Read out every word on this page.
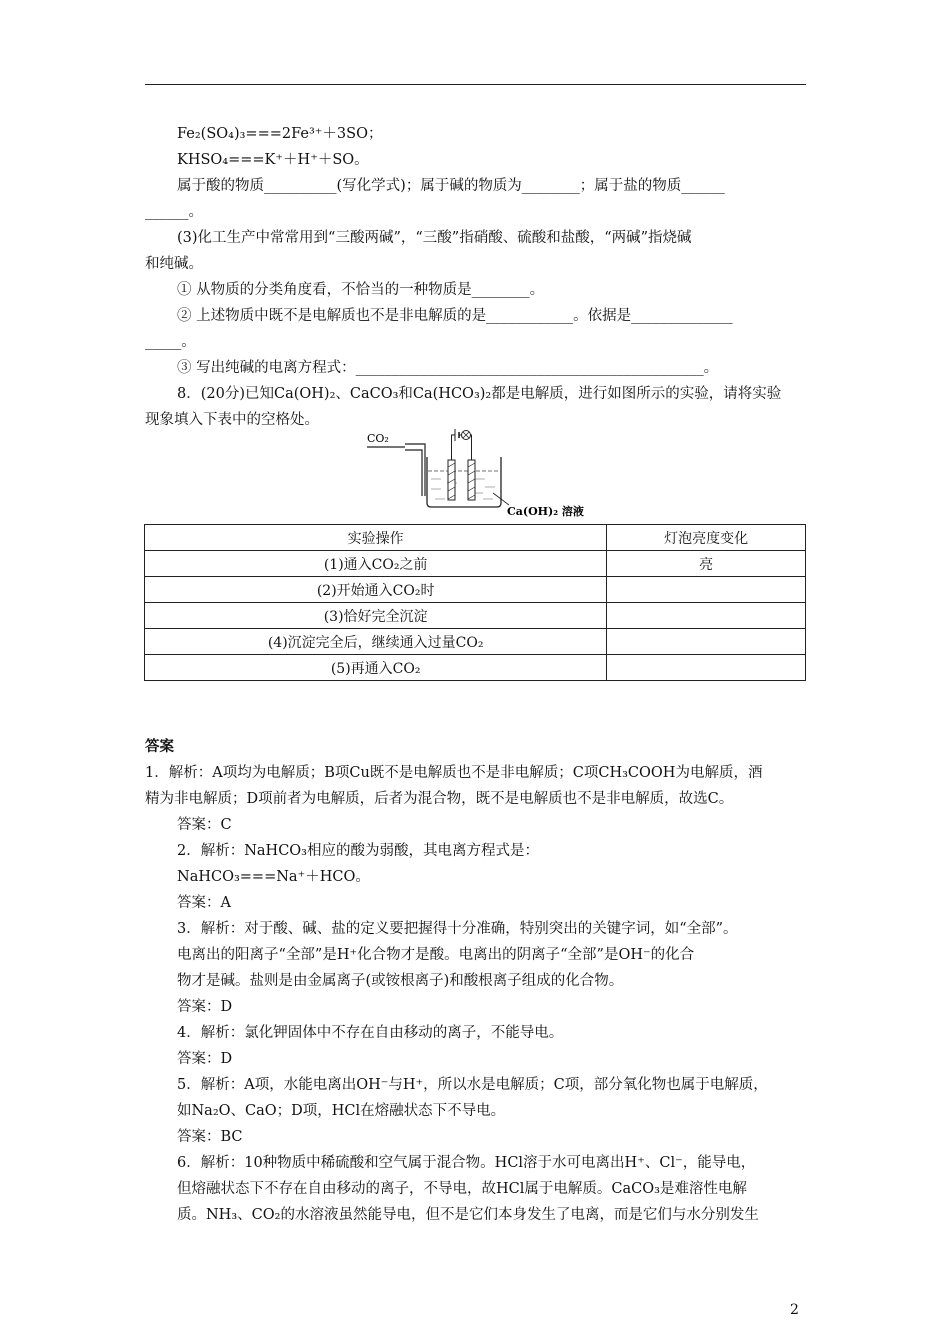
Fe₂(SO₄)₃===2Fe³⁺＋3SO；
KHSO₄===K⁺＋H⁺＋SO。
属于酸的物质__________(写化学式)；属于碱的物质为________；属于盐的物质______
______。
(3)化工生产中常常用到“三酸两碱”，“三酸”指硝酸、硫酸和盐酸，“两碱”指烧碱
和纯碱。
① 从物质的分类角度看，不恰当的一种物质是________。
② 上述物质中既不是电解质也不是非电解质的是____________。依据是______________
_____。
③ 写出纯碱的电离方程式：________________________________________________。
8．(20分)已知Ca(OH)₂、CaCO₃和Ca(HCO₃)₂都是电解质，进行如图所示的实验，请将实验
现象填入下表中的空格处。
CO₂
Ca(OH)₂ 溶液
实验操作	灯泡亮度变化
(1)通入CO₂之前	亮
(2)开始通入CO₂时	
(3)恰好完全沉淀	
(4)沉淀完全后，继续通入过量CO₂	
(5)再通入CO₂	
答案
1．解析：A项均为电解质；B项Cu既不是电解质也不是非电解质；C项CH₃COOH为电解质，酒
精为非电解质；D项前者为电解质，后者为混合物，既不是电解质也不是非电解质，故选C。
答案：C
2．解析：NaHCO₃相应的酸为弱酸，其电离方程式是：
NaHCO₃===Na⁺＋HCO。
答案：A
3．解析：对于酸、碱、盐的定义要把握得十分准确，特别突出的关键字词，如“全部”。
电离出的阳离子“全部”是H⁺化合物才是酸。电离出的阴离子“全部”是OH⁻的化合
物才是碱。盐则是由金属离子(或铵根离子)和酸根离子组成的化合物。
答案：D
4．解析：氯化钾固体中不存在自由移动的离子，不能导电。
答案：D
5．解析：A项，水能电离出OH⁻与H⁺，所以水是电解质；C项，部分氧化物也属于电解质，
如Na₂O、CaO；D项，HCl在熔融状态下不导电。
答案：BC
6．解析：10种物质中稀硫酸和空气属于混合物。HCl溶于水可电离出H⁺、Cl⁻，能导电，
但熔融状态下不存在自由移动的离子，不导电，故HCl属于电解质。CaCO₃是难溶性电解
质。NH₃、CO₂的水溶液虽然能导电，但不是它们本身发生了电离，而是它们与水分别发生
2
